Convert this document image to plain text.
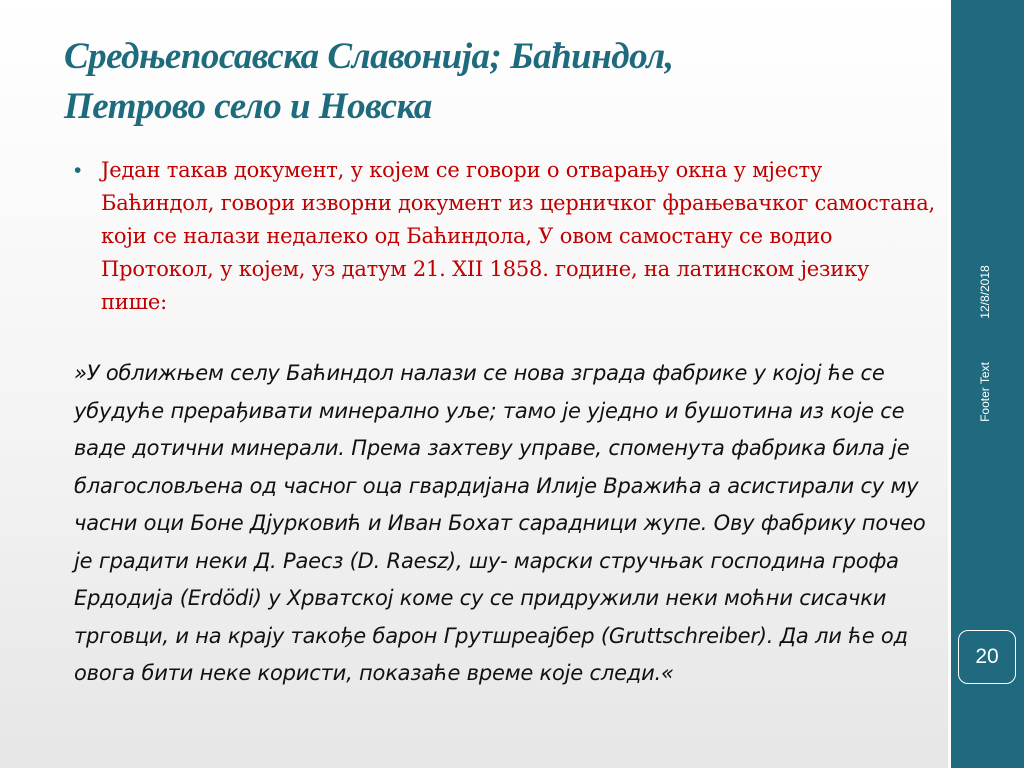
Средњепосавска Славонија; Баћиндол,
Петрово село и Новска
• Један такав документ, у којем се говори о отварању окна у мјесту Баћиндол, говори изворни документ из церничког фрањевачког самостана, који се налази недалеко од Баћиндола, У овом самостану се водио Протокол, у којем, уз датум 21. XII 1858. године, на латинском језику пише:

»У оближњем селу Баћиндол налази се нова зграда фабрике у којој ће се убудуће прерађивати минерално уље; тамо је уједно и бушотина из које се ваде дотични минерали. Према захтеву управе, споменута фабрика била је благословљена од часног оца гвардијана Илије Вражића а асистирали су му часни оци Боне Дјурковић и Иван Бохат сарадници жупе. Ову фабрику почео је градити неки Д. Раесз (D. Raesz), шу- марски стручњак господина грофа Ердодија (Erdödi) у Хрватској коме су се придружили неки моћни сисачки трговци, и на крају такође барон Грутшреајбер (Gruttschreiber). Да ли ће од овога бити неке користи, показаће време које следи.«

12/8/2018
Footer Text
20
